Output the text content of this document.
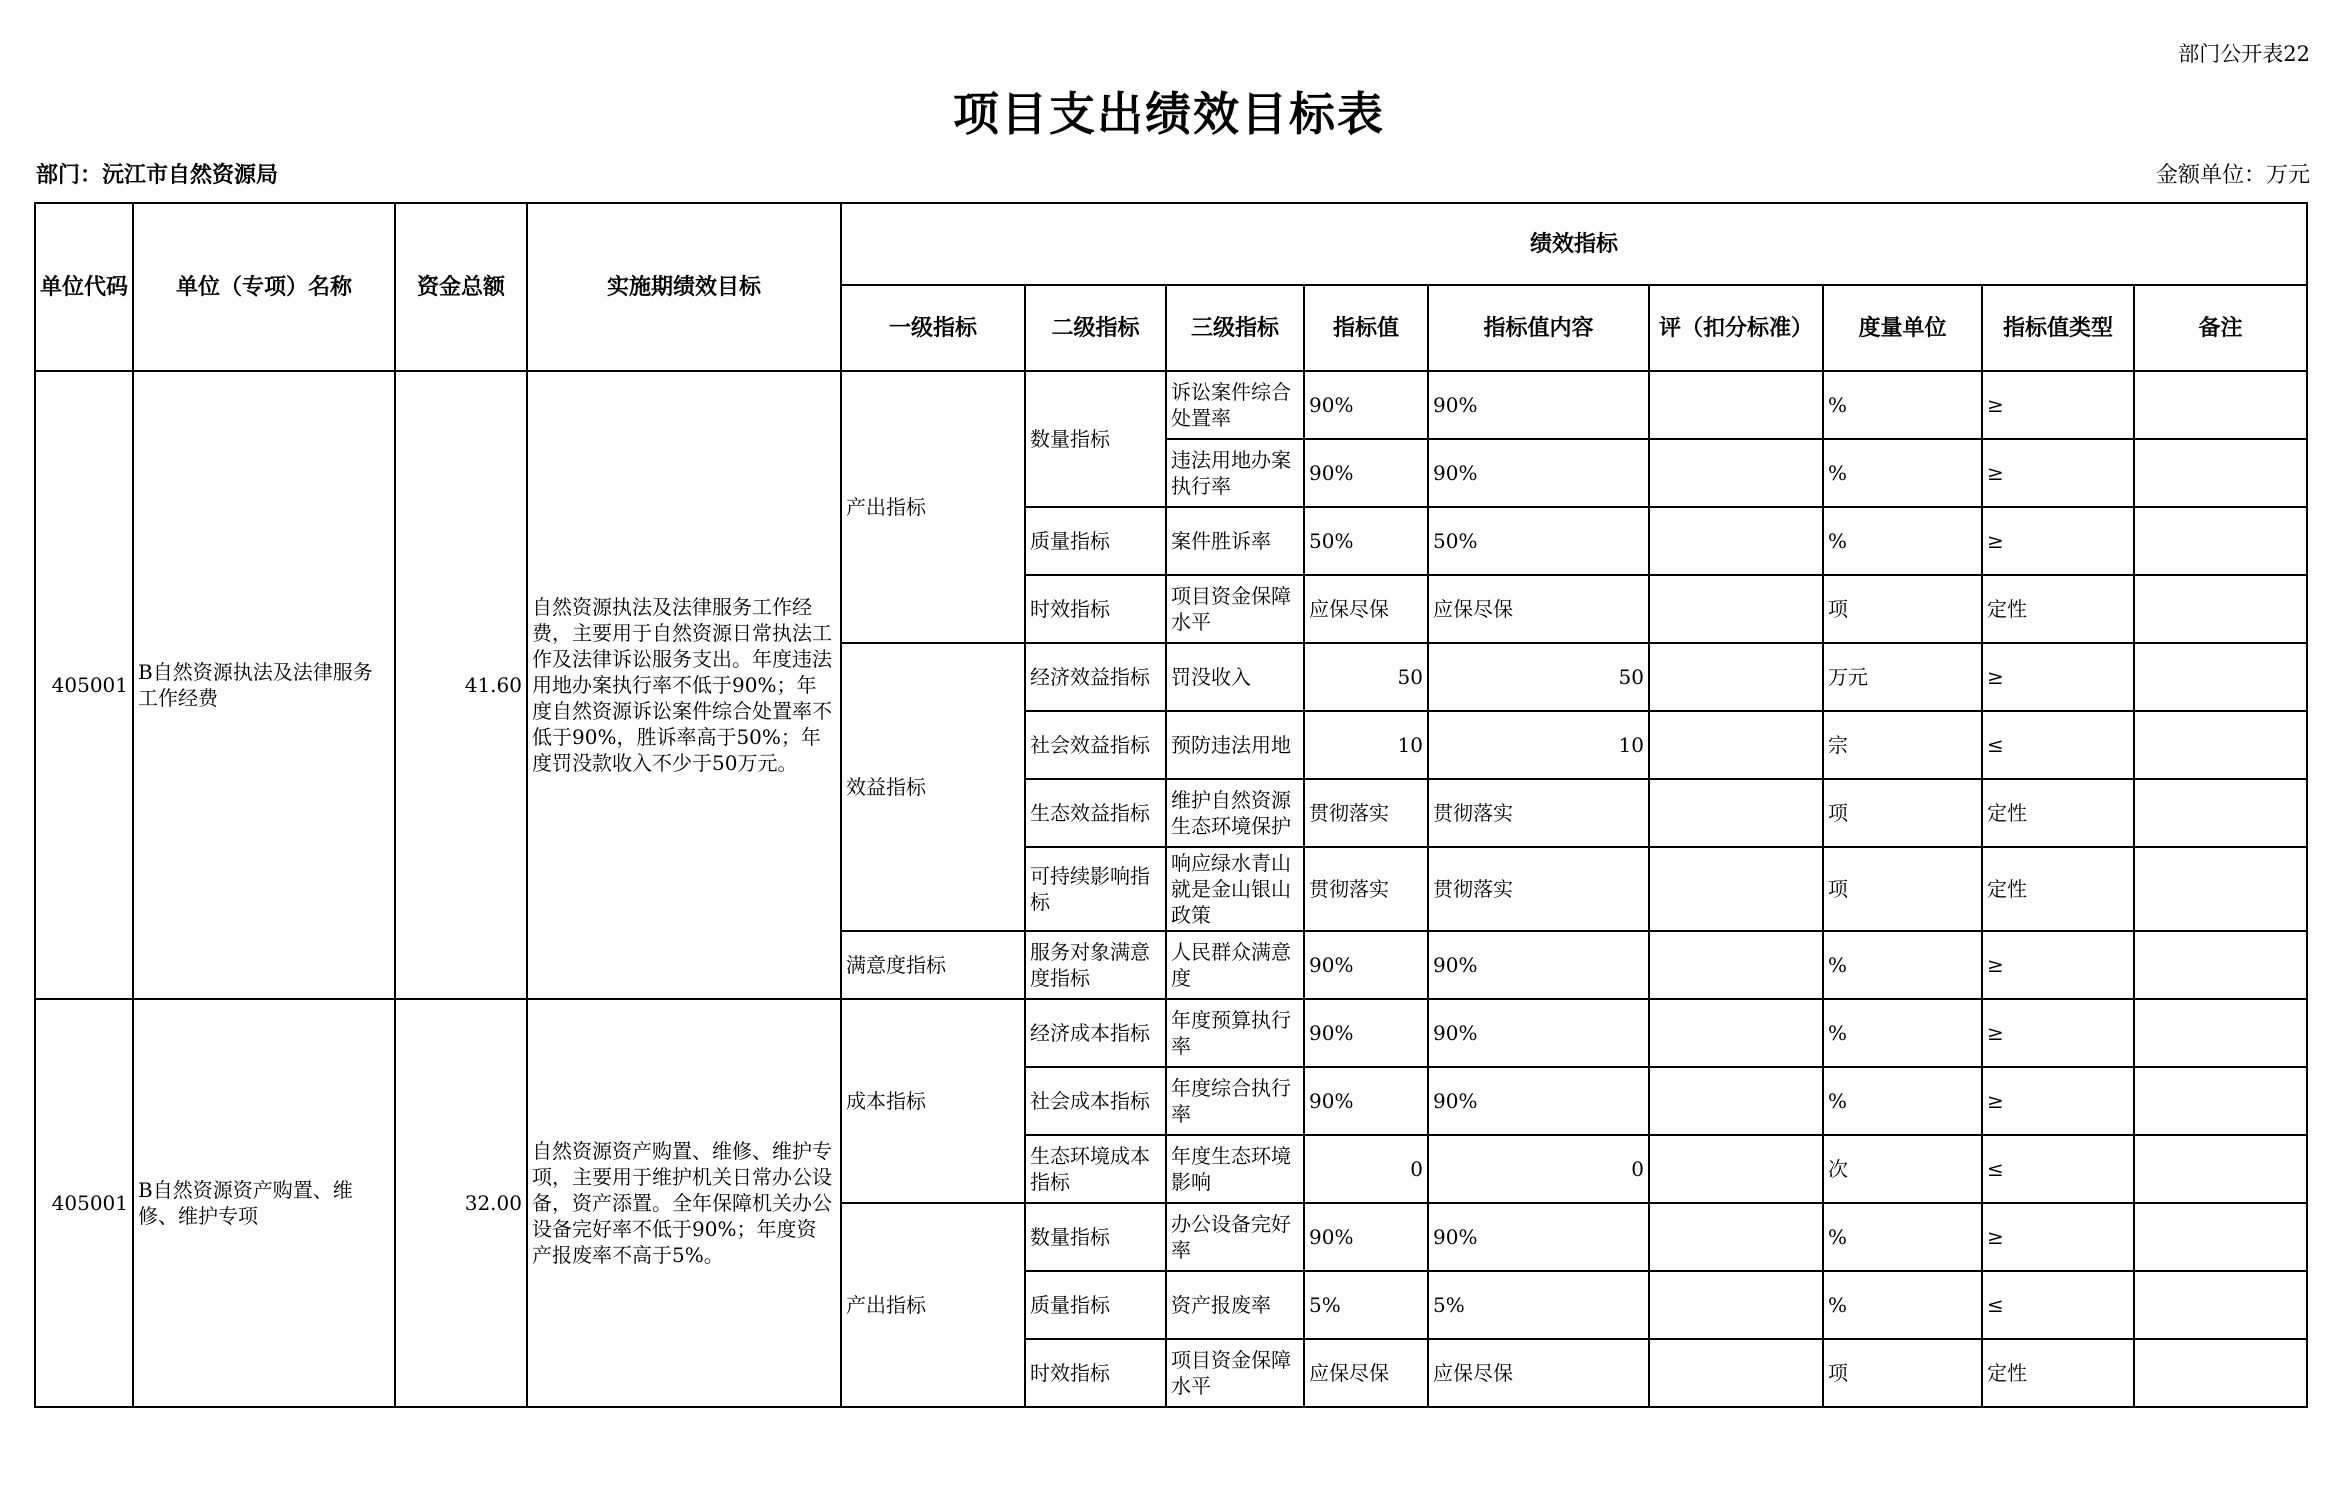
部门公开表22
项目支出绩效目标表
部门：沅江市自然资源局	金额单位：万元
单位代码	单位（专项）名称	资金总额	实施期绩效目标	绩效指标								
				一级指标	二级指标	三级指标	指标值	指标值内容	评（扣分标准）	度量单位	指标值类型	备注
405001	B自然资源执法及法律服务工作经费	41.60	自然资源执法及法律服务工作经费，主要用于自然资源日常执法工作及法律诉讼服务支出。年度违法用地办案执行率不低于90%；年度自然资源诉讼案件综合处置率不低于90%，胜诉率高于50%；年度罚没款收入不少于50万元。	产出指标	数量指标	诉讼案件综合处置率	90%	90%		%	≥	
						违法用地办案执行率	90%	90%		%	≥	
					质量指标	案件胜诉率	50%	50%		%	≥	
					时效指标	项目资金保障水平	应保尽保	应保尽保		项	定性	
				效益指标	经济效益指标	罚没收入	50	50		万元	≥	
					社会效益指标	预防违法用地	10	10		宗	≤	
					生态效益指标	维护自然资源生态环境保护	贯彻落实	贯彻落实		项	定性	
					可持续影响指标	响应绿水青山就是金山银山政策	贯彻落实	贯彻落实		项	定性	
				满意度指标	服务对象满意度指标	人民群众满意度	90%	90%		%	≥	
405001	B自然资源资产购置、维修、维护专项	32.00	自然资源资产购置、维修、维护专项，主要用于维护机关日常办公设备，资产添置。全年保障机关办公设备完好率不低于90%；年度资产报废率不高于5%。	成本指标	经济成本指标	年度预算执行率	90%	90%		%	≥	
					社会成本指标	年度综合执行率	90%	90%		%	≥	
					生态环境成本指标	年度生态环境影响	0	0		次	≤	
				产出指标	数量指标	办公设备完好率	90%	90%		%	≥	
					质量指标	资产报废率	5%	5%		%	≤	
					时效指标	项目资金保障水平	应保尽保	应保尽保		项	定性	
